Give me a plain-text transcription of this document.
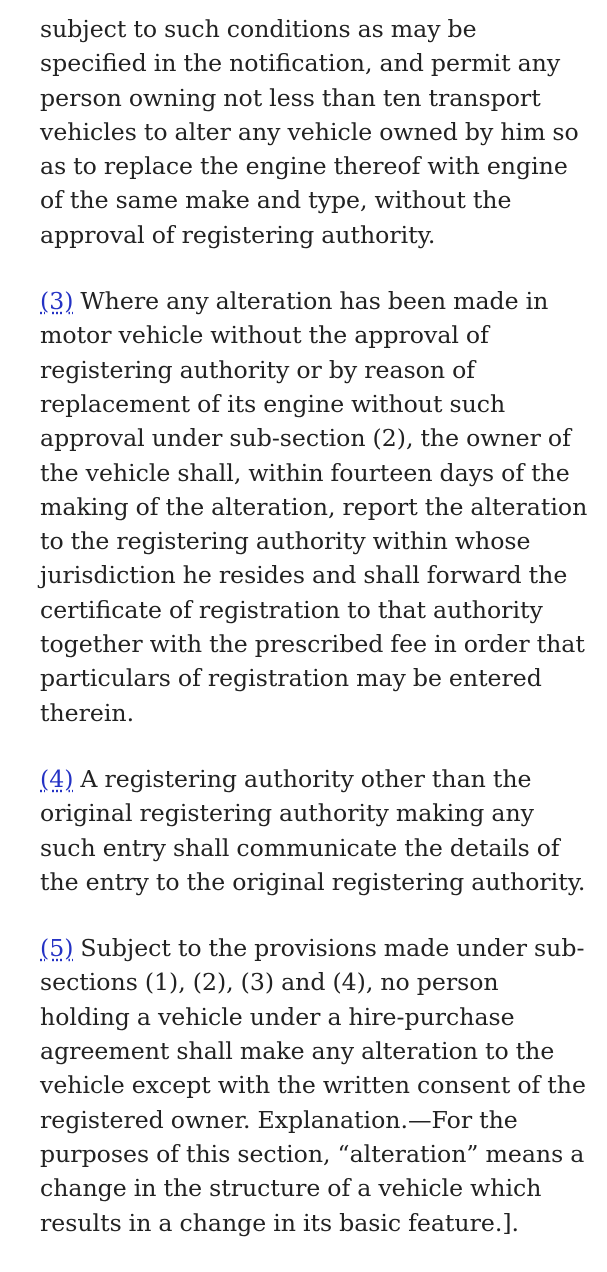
subject to such conditions as may be specified in the notification, and permit any person owning not less than ten transport vehicles to alter any vehicle owned by him so as to replace the engine thereof with engine of the same make and type, without the approval of registering authority.

(3) Where any alteration has been made in motor vehicle without the approval of registering authority or by reason of replacement of its engine without such approval under sub-section (2), the owner of the vehicle shall, within fourteen days of the making of the alteration, report the alteration to the registering authority within whose jurisdiction he resides and shall forward the certificate of registration to that authority together with the prescribed fee in order that particulars of registration may be entered therein.

(4) A registering authority other than the original registering authority making any such entry shall communicate the details of the entry to the original registering authority.

(5) Subject to the provisions made under sub-sections (1), (2), (3) and (4), no person holding a vehicle under a hire-purchase agreement shall make any alteration to the vehicle except with the written consent of the registered owner. Explanation.—For the purposes of this section, “alteration” means a change in the structure of a vehicle which results in a change in its basic feature.].
